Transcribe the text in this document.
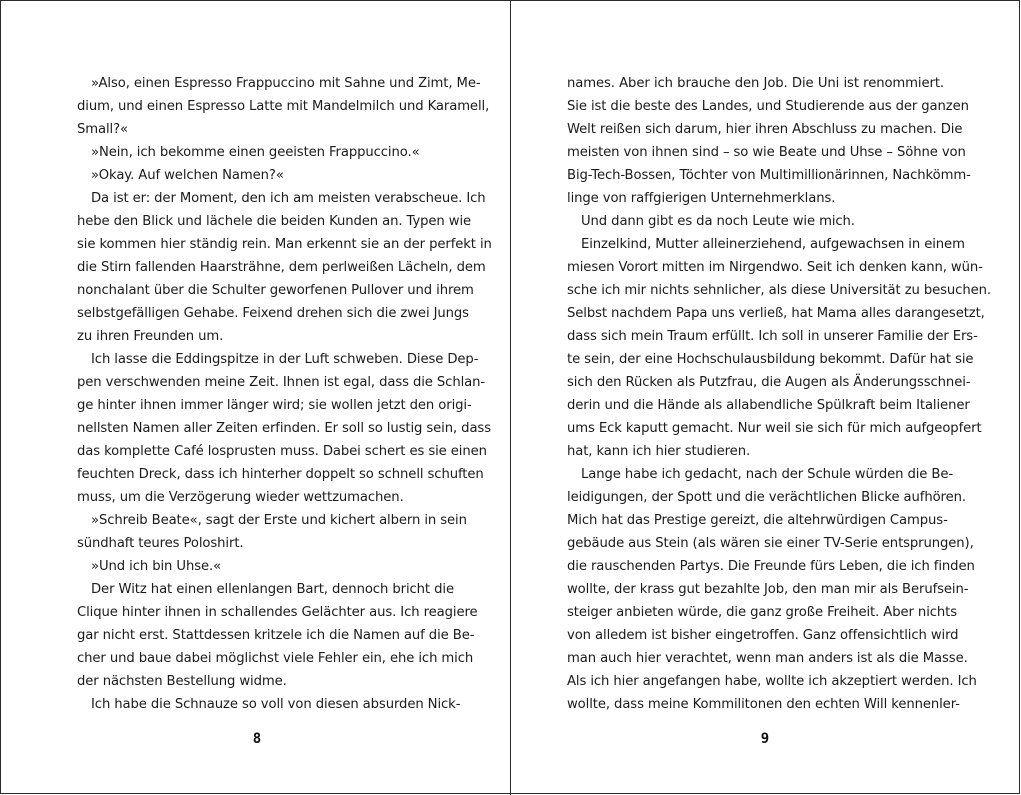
»Also, einen Espresso Frappuccino mit Sahne und Zimt, Me-
dium, und einen Espresso Latte mit Mandelmilch und Karamell,
Small?«
»Nein, ich bekomme einen geeisten Frappuccino.«
»Okay. Auf welchen Namen?«
Da ist er: der Moment, den ich am meisten verabscheue. Ich
hebe den Blick und lächele die beiden Kunden an. Typen wie
sie kommen hier ständig rein. Man erkennt sie an der perfekt in
die Stirn fallenden Haarsträhne, dem perlweißen Lächeln, dem
nonchalant über die Schulter geworfenen Pullover und ihrem
selbstgefälligen Gehabe. Feixend drehen sich die zwei Jungs
zu ihren Freunden um.
Ich lasse die Eddingspitze in der Luft schweben. Diese Dep-
pen verschwenden meine Zeit. Ihnen ist egal, dass die Schlan-
ge hinter ihnen immer länger wird; sie wollen jetzt den origi-
nellsten Namen aller Zeiten erfinden. Er soll so lustig sein, dass
das komplette Café losprusten muss. Dabei schert es sie einen
feuchten Dreck, dass ich hinterher doppelt so schnell schuften
muss, um die Verzögerung wieder wettzumachen.
»Schreib Beate«, sagt der Erste und kichert albern in sein
sündhaft teures Poloshirt.
»Und ich bin Uhse.«
Der Witz hat einen ellenlangen Bart, dennoch bricht die
Clique hinter ihnen in schallendes Gelächter aus. Ich reagiere
gar nicht erst. Stattdessen kritzele ich die Namen auf die Be-
cher und baue dabei möglichst viele Fehler ein, ehe ich mich
der nächsten Bestellung widme.
Ich habe die Schnauze so voll von diesen absurden Nick-
8
names. Aber ich brauche den Job. Die Uni ist renommiert.
Sie ist die beste des Landes, und Studierende aus der ganzen
Welt reißen sich darum, hier ihren Abschluss zu machen. Die
meisten von ihnen sind – so wie Beate und Uhse – Söhne von
Big-Tech-Bossen, Töchter von Multimillionärinnen, Nachkömm-
linge von raffgierigen Unternehmerklans.
Und dann gibt es da noch Leute wie mich.
Einzelkind, Mutter alleinerziehend, aufgewachsen in einem
miesen Vorort mitten im Nirgendwo. Seit ich denken kann, wün-
sche ich mir nichts sehnlicher, als diese Universität zu besuchen.
Selbst nachdem Papa uns verließ, hat Mama alles darangesetzt,
dass sich mein Traum erfüllt. Ich soll in unserer Familie der Ers-
te sein, der eine Hochschulausbildung bekommt. Dafür hat sie
sich den Rücken als Putzfrau, die Augen als Änderungsschnei-
derin und die Hände als allabendliche Spülkraft beim Italiener
ums Eck kaputt gemacht. Nur weil sie sich für mich aufgeopfert
hat, kann ich hier studieren.
Lange habe ich gedacht, nach der Schule würden die Be-
leidigungen, der Spott und die verächtlichen Blicke aufhören.
Mich hat das Prestige gereizt, die altehrwürdigen Campus-
gebäude aus Stein (als wären sie einer TV-Serie entsprungen),
die rauschenden Partys. Die Freunde fürs Leben, die ich finden
wollte, der krass gut bezahlte Job, den man mir als Berufsein-
steiger anbieten würde, die ganz große Freiheit. Aber nichts
von alledem ist bisher eingetroffen. Ganz offensichtlich wird
man auch hier verachtet, wenn man anders ist als die Masse.
Als ich hier angefangen habe, wollte ich akzeptiert werden. Ich
wollte, dass meine Kommilitonen den echten Will kennenler-
9
